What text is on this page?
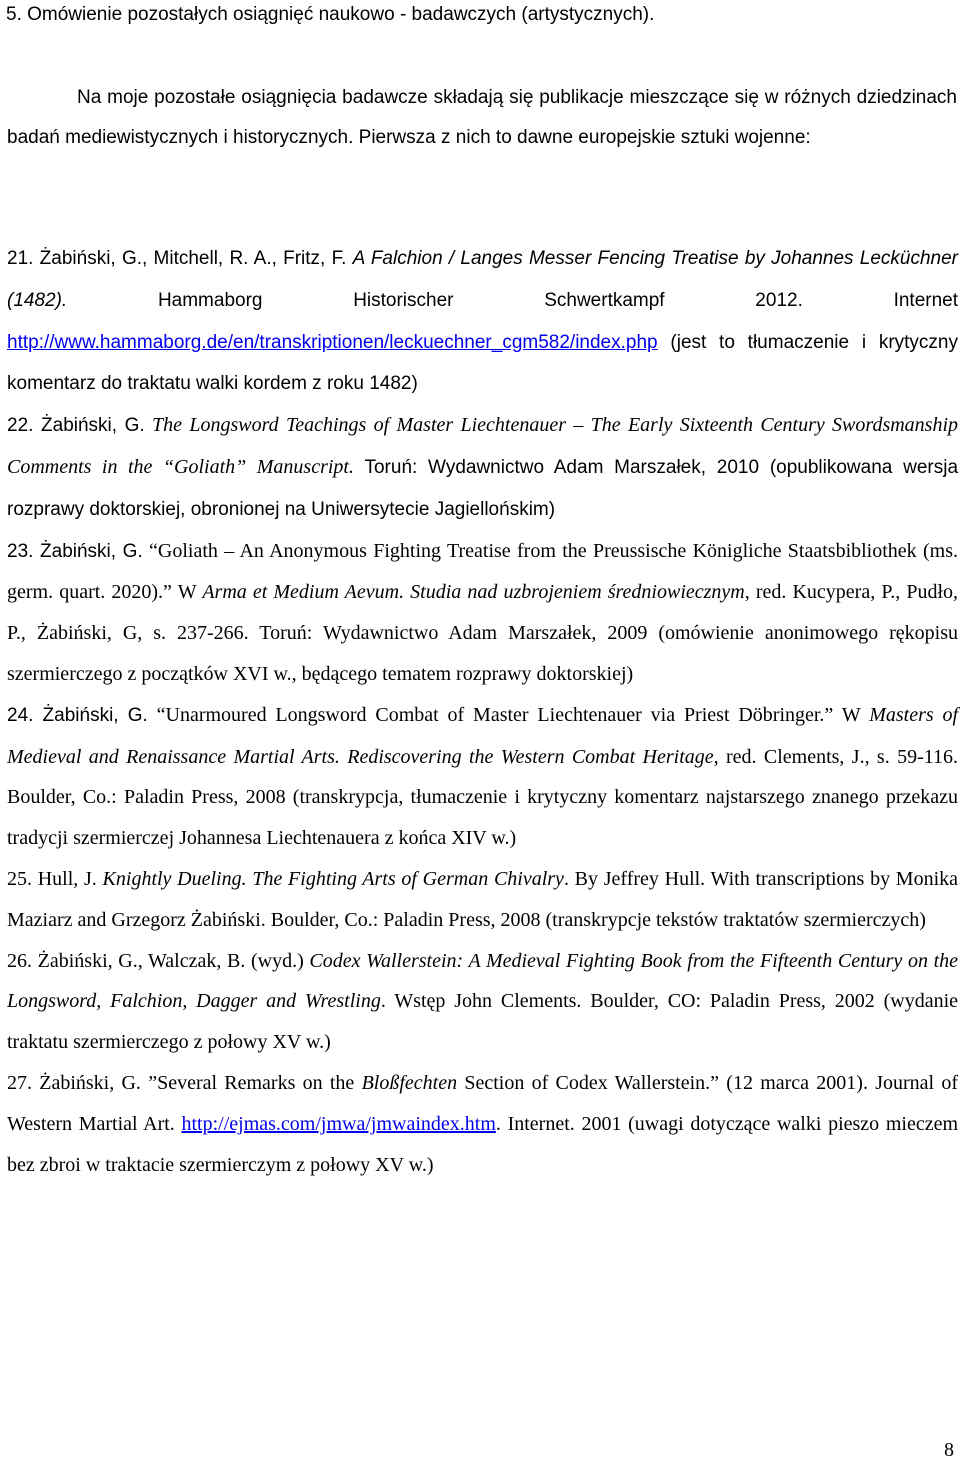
5. Omówienie pozostałych osiągnięć naukowo - badawczych (artystycznych).

Na moje pozostałe osiągnięcia badawcze składają się publikacje mieszczące się w różnych dziedzinach badań mediewistycznych i historycznych. Pierwsza z nich to dawne europejskie sztuki wojenne:

21. Żabiński, G., Mitchell, R. A., Fritz, F. A Falchion / Langes Messer Fencing Treatise by Johannes Lecküchner (1482).	Hammaborg Historischer Schwertkampf 2012. Internet http://www.hammaborg.de/en/transkriptionen/leckuechner_cgm582/index.php (jest to tłumaczenie i krytyczny komentarz do traktatu walki kordem z roku 1482)
22. Żabiński, G. The Longsword Teachings of Master Liechtenauer – The Early Sixteenth Century Swordsmanship Comments in the “Goliath” Manuscript. Toruń: Wydawnictwo Adam Marszałek, 2010 (opublikowana wersja rozprawy doktorskiej, obronionej na Uniwersytecie Jagiellońskim)
23. Żabiński, G. “Goliath – An Anonymous Fighting Treatise from the Preussische Königliche Staatsbibliothek (ms. germ. quart. 2020).” W Arma et Medium Aevum. Studia nad uzbrojeniem średniowiecznym, red. Kucypera, P., Pudło, P., Żabiński, G, s. 237-266. Toruń: Wydawnictwo Adam Marszałek, 2009 (omówienie anonimowego rękopisu szermierczego z początków XVI w., będącego tematem rozprawy doktorskiej)
24. Żabiński, G. “Unarmoured Longsword Combat of Master Liechtenauer via Priest Döbringer.” W Masters of Medieval and Renaissance Martial Arts. Rediscovering the Western Combat Heritage, red. Clements, J., s. 59-116. Boulder, Co.: Paladin Press, 2008 (transkrypcja, tłumaczenie i krytyczny komentarz najstarszego znanego przekazu tradycji szermierczej Johannesa Liechtenauera z końca XIV w.)
25. Hull, J. Knightly Dueling. The Fighting Arts of German Chivalry. By Jeffrey Hull. With transcriptions by Monika Maziarz and Grzegorz Żabiński. Boulder, Co.: Paladin Press, 2008 (transkrypcje tekstów traktatów szermierczych)
26. Żabiński, G., Walczak, B. (wyd.) Codex Wallerstein: A Medieval Fighting Book from the Fifteenth Century on the Longsword, Falchion, Dagger and Wrestling. Wstęp John Clements. Boulder, CO: Paladin Press, 2002 (wydanie traktatu szermierczego z połowy XV w.)
27. Żabiński, G. ”Several Remarks on the Bloßfechten Section of Codex Wallerstein.” (12 marca 2001). Journal of Western Martial Art. http://ejmas.com/jmwa/jmwaindex.htm. Internet. 2001 (uwagi dotyczące walki pieszo mieczem bez zbroi w traktacie szermierczym z połowy XV w.)
8
